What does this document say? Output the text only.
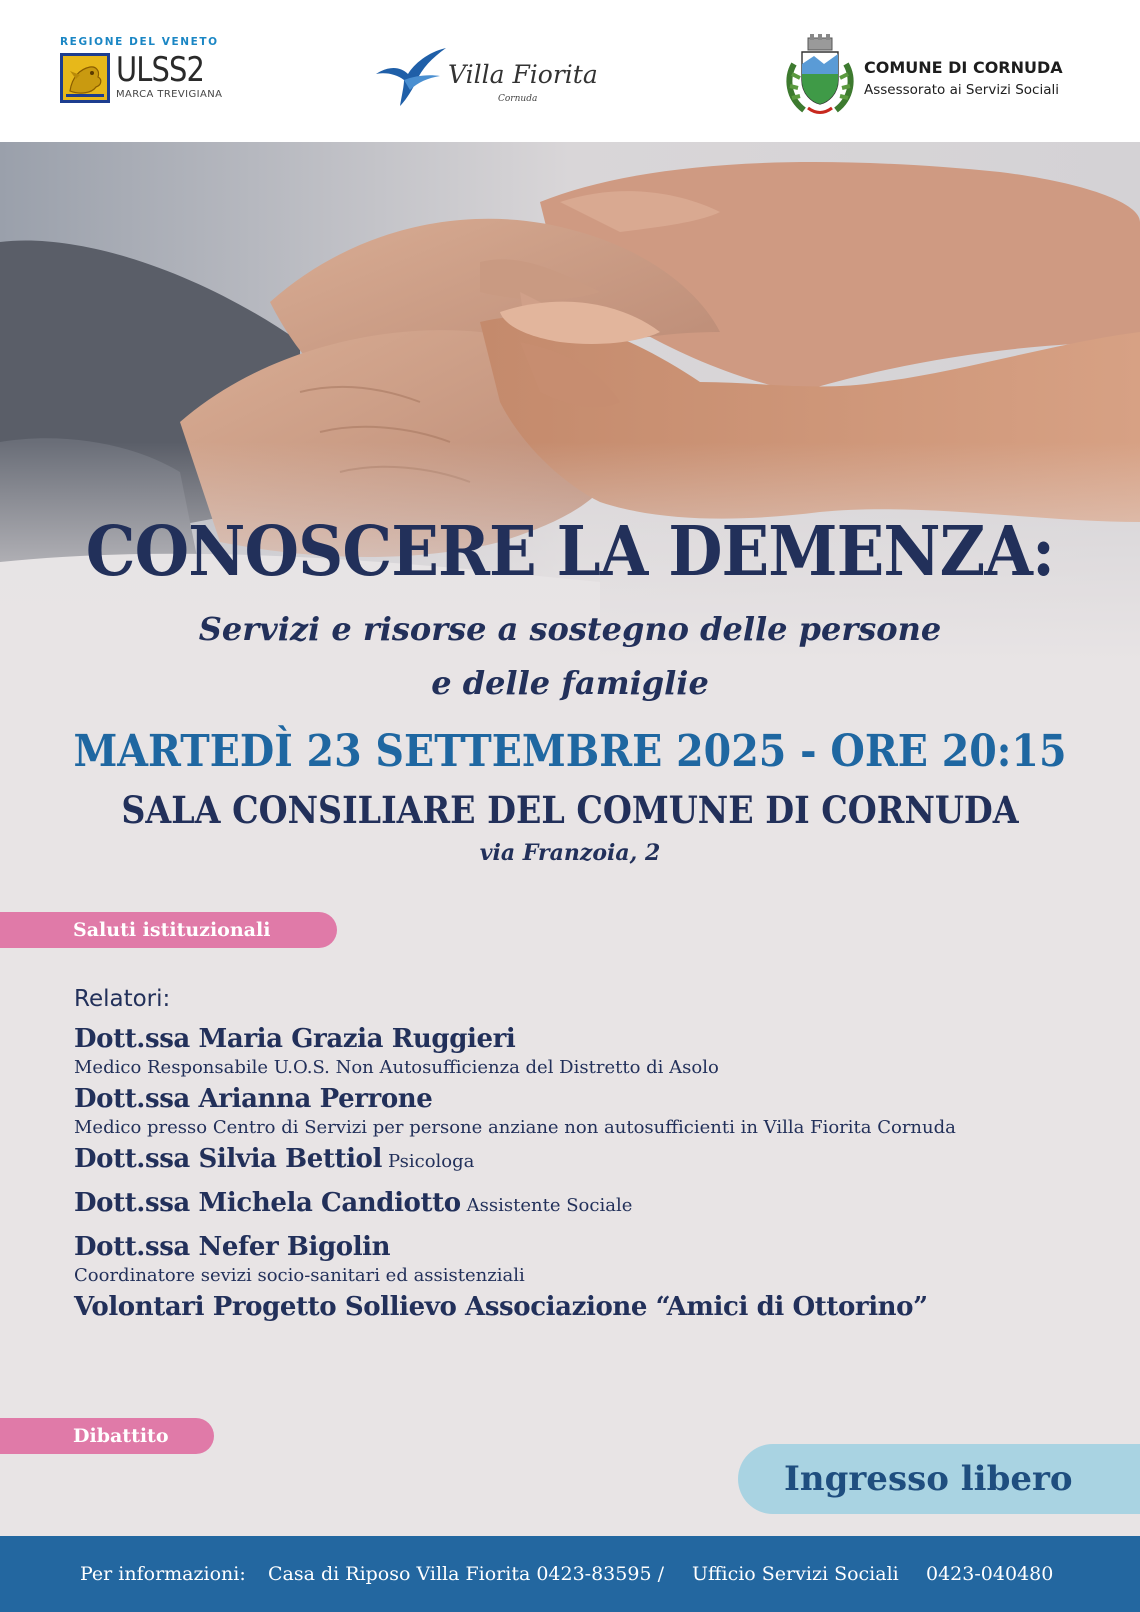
REGIONE DEL VENETO
ULSS2
MARCA TREVIGIANA
Villa Fiorita
Cornuda
COMUNE DI CORNUDA
Assessorato ai Servizi Sociali
CONOSCERE LA DEMENZA:
Servizi e risorse a sostegno delle persone
e delle famiglie
MARTEDÌ 23 SETTEMBRE 2025 - ORE 20:15
SALA CONSILIARE DEL COMUNE DI CORNUDA
via Franzoia, 2
Saluti istituzionali
Relatori:
Dott.ssa Maria Grazia Ruggieri
Medico Responsabile U.O.S. Non Autosufficienza del Distretto di Asolo
Dott.ssa Arianna Perrone
Medico presso Centro di Servizi per persone anziane non autosufficienti in Villa Fiorita Cornuda
Dott.ssa Silvia Bettiol Psicologa
Dott.ssa Michela Candiotto Assistente Sociale
Dott.ssa Nefer Bigolin
Coordinatore sevizi socio-sanitari ed assistenziali
Volontari Progetto Sollievo Associazione “Amici di Ottorino”
Dibattito
Ingresso libero
Per informazioni: Casa di Riposo Villa Fiorita 0423-83595 / Ufficio Servizi Sociali 0423-040480
